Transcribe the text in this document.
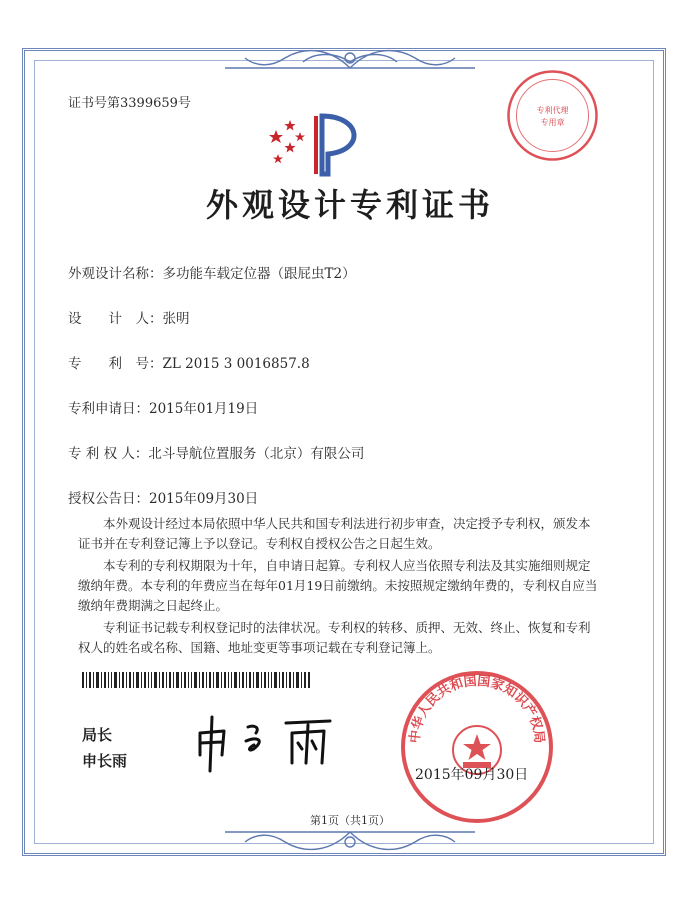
证书号第3399659号	专利代理
专用章
外观设计专利证书
外观设计名称：多功能车载定位器（跟屁虫T2）
设　　计　人：张明
专　　利　号：ZL 2015 3 0016857.8
专利申请日：2015年01月19日
专 利 权 人：北斗导航位置服务（北京）有限公司
授权公告日：2015年09月30日

本外观设计经过本局依照中华人民共和国专利法进行初步审查，决定授予专利权，颁发本证书并在专利登记簿上予以登记。专利权自授权公告之日起生效。

本专利的专利权期限为十年，自申请日起算。专利权人应当依照专利法及其实施细则规定缴纳年费。本专利的年费应当在每年01月19日前缴纳。未按照规定缴纳年费的，专利权自应当缴纳年费期满之日起终止。

专利证书记载专利权登记时的法律状况。专利权的转移、质押、无效、终止、恢复和专利权人的姓名或名称、国籍、地址变更等事项记载在专利登记簿上。

局长
申长雨
中华人民共和国国家知识产权局
2015年09月30日
第1页（共1页）
